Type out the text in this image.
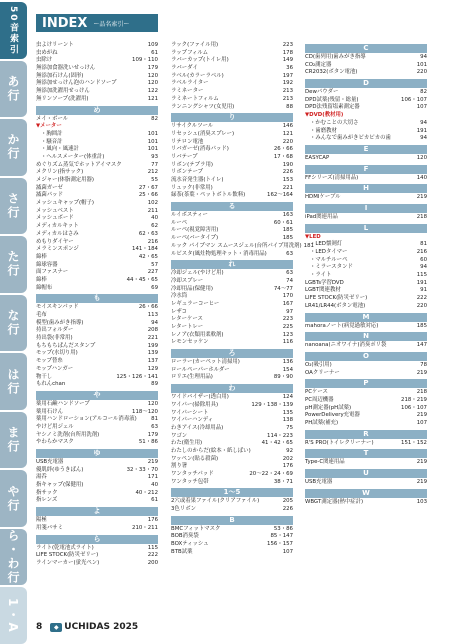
50音索引
あ行
か行
さ行
た行
な行
は行
ま行
や行
ら・わ行
1・A
INDEX ー品名索引ー
虫よけリーント	109
虫めがね	61
虫除け	109・110
無添加食器洗いせっけん	179
無添加石けん(固形)	120
無添加せっけん泡のハンドソープ	120
無添加洗濯用せっけん	122
無リンソープ(洗濯用)	121
め
メイ・ボール	82
▼メーター
・胸囲計	101
・騒音計	101
・風向・風速計	101
・ヘルスメーター(体重計)	93
めぐりズム蒸気でホットアイマスク	77
メクリン(指サック)	212
メジャー(体脂測定用器)	55
滅菌ガーゼ	27・67
滅菌パッド	25・66
メッシュキャップ(帽子)	102
メッシュベスト	211
メッシュボード	40
メディカルキット	62
メディカルはさみ	62・63
めもりダイヤー	216
メラミンスポンジ	141・184
綿棒	42・65
綿球容器	57
面ファスナー	227
綿棒	44・45・65
綿帽布	69
も
モイスキンパッド	26・66
毛布	113
模型(歯みがき指導)	94
持出フォルダー	208
持出袋(非常用)	221
もちもちぱんだスタンプ	199
モップ(水切り用)	139
モップ替糸	137
モップハンガー	129
物干し	125・126・141
もれんchan	89
や
薬用石鹸ハンドソープ	120
薬用石けん	118〜120
薬用ハンドローション(アルコール消毒液)	81
やけど用ジェル	63
ヤシノミ洗剤(台所用洗剤)	179
やわらかマスク	51・86
ゆ
USB充電器	219
優肌絆(ゆうきばん)	32・33・70
湯呑	171
指キャップ(保健用)	40
指サック	40・212
指レンズ	61
よ
陽極	176
用箋バサミ	210・211
ら
ライト(乾電池式ライト)	115
LIFE STOCK(防災ゼリー)	222
ラインマーカー(蛍光ペン)	200
ラック(ファイル用)	223
ラップフィルム	178
ラバーカップ(トイレ用)	149
ラバーダイ	36
ラベル(カラーラベル)	197
ラベルライター	192
ラミネーター	213
ラミネートフィルム	213
ランニングシャツ(女児用)	88
り
リサイクルツール	146
リセッシュ(消臭スプレー)	121
リテロン電池	220
リバガーゼ(消毒パッド)	26・66
リバテープ	17・68
リボン(テプラ用)	190
リボンテープ	226
流水音発生器(トイレ)	153
リュック(非常用)	221
緑茶(茶葉・ペットボトル飲料)	162〜164
る
ルイボスティー	163
ルーペ	60・61
ルーペ(視覚障害用)	185
ルーペ(バータイプ)	185
ルック パイプマン スムースジェル(台所パイプ用洗剤) 181
ルビスタ(風灶物処理キット・消毒用品)	63
れ
冷却ジェル(やけど用)	63
冷却スプレー	74
冷却用品(保健用)	74〜77
冷水筒	170
レギュラーコーヒー	167
レザコ	97
レターケース	223
レタートレー	225
レノア(衣類用柔軟剤)	123
レモンセッケン	116
ろ
ローラー(カーペット清掃用)	136
ロールペーパーホルダー	154
ロリエ(生理用品)	89・90
わ
ワイドバイザー(透白用)	124
ワイパー(掃除用具)	129・138・139
ワイパーシート	135
ワイパーハンディ	138
わきアイス(冷却用品)	75
ワゴン	114・223
わた(衛生用)	41・42・65
わたしのからだ(絵本・紙しばい)	92
ワッペン(貼る殺菌)	202
割り箸	176
ワンタッチパッド	20〜22・24・69
ワンタッチ包帯	38・71
1〜5
2穴或着果ファイル(クリアファイル)	205
3色リボン	226
B
BMCフィットマスク	53・86
BOB消臭袋	85・147
BOXティッシュ	156・157
BTB試薬	107
C
CD(歯列用)歯みがき指導	94
CO₂測定器	101
CR2032(ボタン電池)	220
D
Dewパウダー	82
DPD試薬(残留・総量)	106・107
DPD法残留塩素測定器	107
▼DVD(教材用)
・かむことの大切さ	94
・歯磨教材	191
・みんなで歯みがきピカピカの歯	94
E
EASYCAP	120
F
FFシリーズ(清掃用品)	140
H
HDMIケーブル	219
I
iPad関連用品	218
L
▼LED
・LED懐剣灯	81
・LEDタイマー	216
・マルチルーペ	60
・ミラースタンド	94
・ライト	115
LGBTs学習DVD	191
LGBT関連教材	91
LIFE STOCK(防災ゼリー)	222
LR41/LR44(ボタン電池)	220
M
mahoraノート(病覚過敏対応)	185
N
nanoana(ニオワイナ)消臭ポリ袋	147
O
O₂(吸引用)	78
OAクリーナー	219
P
PCケース	218
PC周辺機器	218・219
pH測定器(pH試薬)	106・107
PowerDelivery充電器	219
PH試薬(補充)	107
R
R'S PRO(トイレクリーナー)	151・152
T
Type-C関連用品	219
U
USB充電器	219
W
WBGT測定器(熱中症計)	103
8	◆ UCHIDAS 2025
